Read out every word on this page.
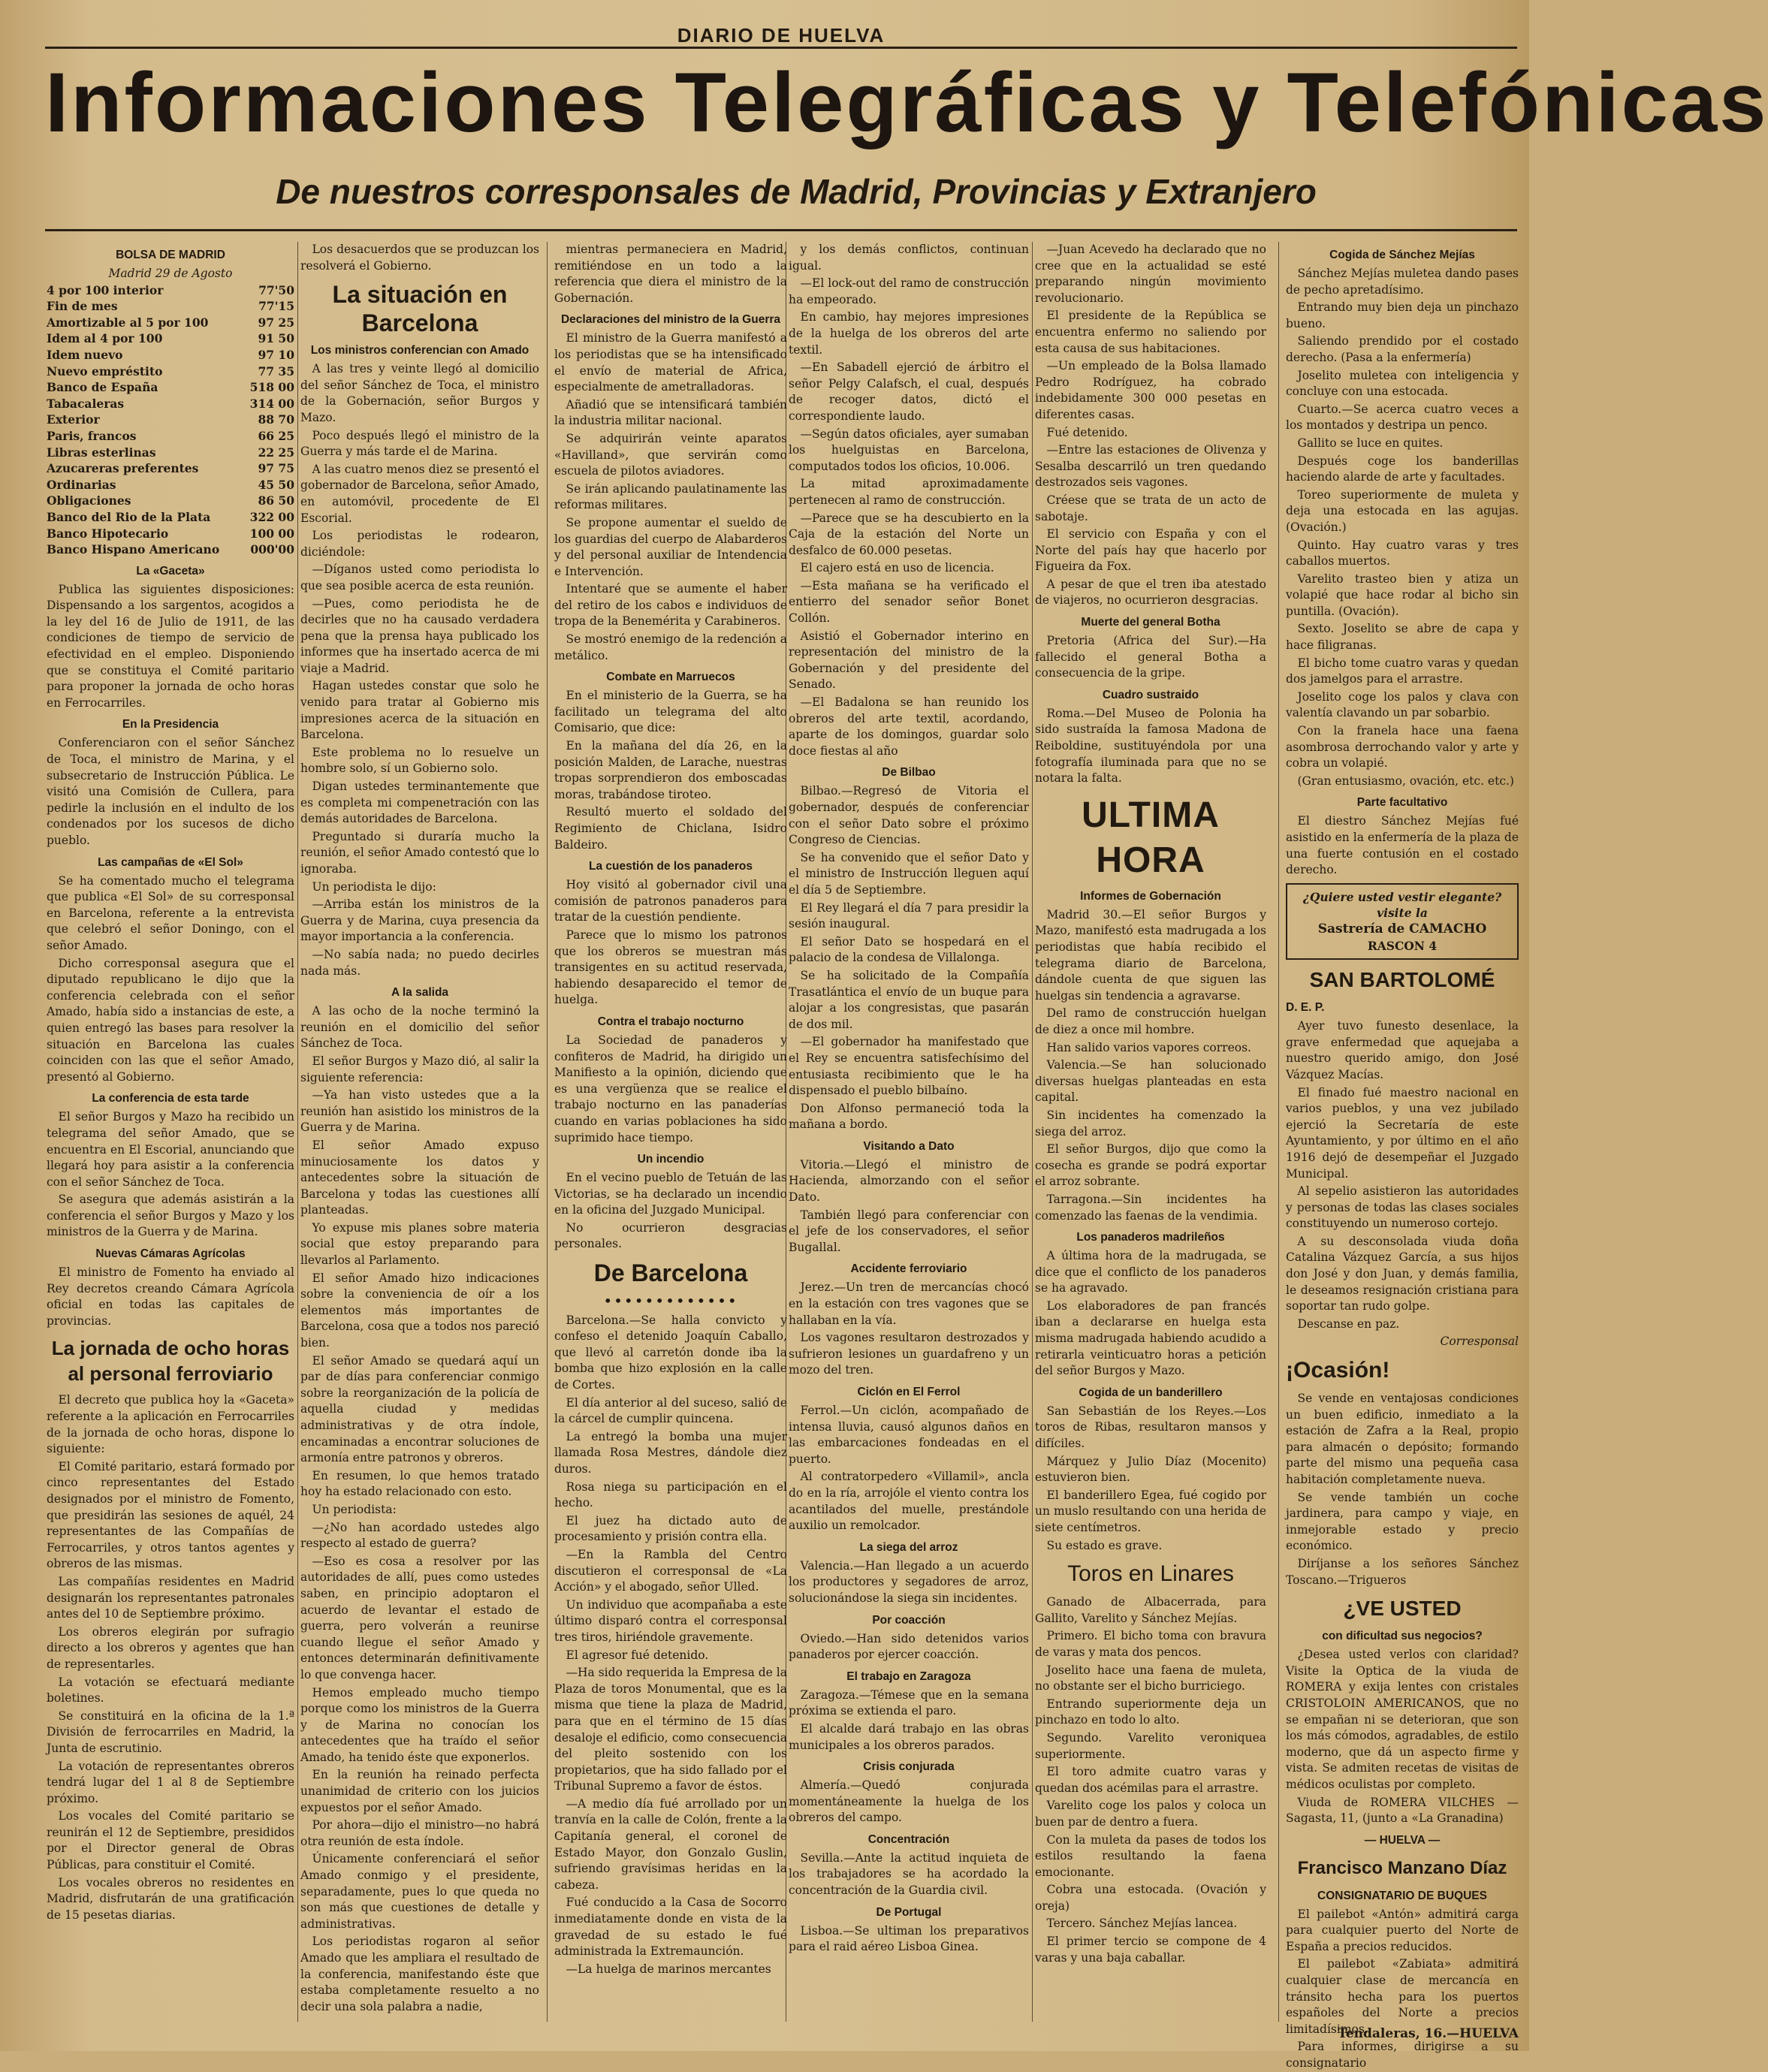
DIARIO DE HUELVA
Informaciones Telegráficas y Telefónicas
De nuestros corresponsales de Madrid, Provincias y Extranjero
BOLSA DE MADRID
Madrid 29 de Agosto
4 por 100 interior	77'50
Fin de mes	77'15
Amortizable al 5 por 100	97 25
Idem al 4 por 100	91 50
Idem nuevo	97 10
Nuevo empréstito	77 35
Banco de España	518 00
Tabacaleras	314 00
Exterior	88 70
Paris, francos	66 25
Libras esterlinas	22 25
Azucareras preferentes	97 75
Ordinarias	45 50
Obligaciones	86 50
Banco del Rio de la Plata	322 00
Banco Hipotecario	100 00
Banco Hispano Americano	000'00
La «Gaceta»

Publica las siguientes disposiciones: Dispensando a los sargentos, acogidos a la ley del 16 de Julio de 1911, de las condiciones de tiempo de servicio de efectividad en el empleo. Disponiendo que se constituya el Comité paritario para proponer la jornada de ocho horas en Ferrocarriles.

En la Presidencia

Conferenciaron con el señor Sánchez de Toca, el ministro de Marina, y el subsecretario de Instrucción Pública. Le visitó una Comisión de Cullera, para pedirle la inclusión en el indulto de los condenados por los sucesos de dicho pueblo.

Las campañas de «El Sol»

Se ha comentado mucho el telegrama que publica «El Sol» de su corresponsal en Barcelona, referente a la entrevista que celebró el señor Doningo, con el señor Amado.

Dicho corresponsal asegura que el diputado republicano le dijo que la conferencia celebrada con el señor Amado, había sido a instancias de este, a quien entregó las bases para resolver la situación en Barcelona las cuales coinciden con las que el señor Amado, presentó al Gobierno.

La conferencia de esta tarde

El señor Burgos y Mazo ha recibido un telegrama del señor Amado, que se encuentra en El Escorial, anunciando que llegará hoy para asistir a la conferencia con el señor Sánchez de Toca.

Se asegura que además asistirán a la conferencia el señor Burgos y Mazo y los ministros de la Guerra y de Marina.

Nuevas Cámaras Agrícolas

El ministro de Fomento ha enviado al Rey decretos creando Cámara Agrícola oficial en todas las capitales de provincias.

La jornada de ocho horas al personal ferroviario

El decreto que publica hoy la «Gaceta» referente a la aplicación en Ferrocarriles de la jornada de ocho horas, dispone lo siguiente:

El Comité paritario, estará formado por cinco representantes del Estado designados por el ministro de Fomento, que presidirán las sesiones de aquél, 24 representantes de las Compañías de Ferrocarriles, y otros tantos agentes y obreros de las mismas.

Las compañías residentes en Madrid designarán los representantes patronales antes del 10 de Septiembre próximo.

Los obreros elegirán por sufragio directo a los obreros y agentes que han de representarles.

La votación se efectuará mediante boletines.

Se constituirá en la oficina de la 1.ª División de ferrocarriles en Madrid, la Junta de escrutinio.

La votación de representantes obreros tendrá lugar del 1 al 8 de Septiembre próximo.

Los vocales del Comité paritario se reunirán el 12 de Septiembre, presididos por el Director general de Obras Públicas, para constituir el Comité.

Los vocales obreros no residentes en Madrid, disfrutarán de una gratificación de 15 pesetas diarias.

Los desacuerdos que se produzcan los resolverá el Gobierno.

La situación en Barcelona
Los ministros conferencian con Amado

A las tres y veinte llegó al domicilio del señor Sánchez de Toca, el ministro de la Gobernación, señor Burgos y Mazo.

Poco después llegó el ministro de la Guerra y más tarde el de Marina.

A las cuatro menos diez se presentó el gobernador de Barcelona, señor Amado, en automóvil, procedente de El Escorial.

Los periodistas le rodearon, diciéndole:

—Díganos usted como periodista lo que sea posible acerca de esta reunión.

—Pues, como periodista he de decirles que no ha causado verdadera pena que la prensa haya publicado los informes que ha insertado acerca de mi viaje a Madrid.

Hagan ustedes constar que solo he venido para tratar al Gobierno mis impresiones acerca de la situación en Barcelona.

Este problema no lo resuelve un hombre solo, sí un Gobierno solo.

Digan ustedes terminantemente que es completa mi compenetración con las demás autoridades de Barcelona.

Preguntado si duraría mucho la reunión, el señor Amado contestó que lo ignoraba.

Un periodista le dijo:

—Arriba están los ministros de la Guerra y de Marina, cuya presencia da mayor importancia a la conferencia.

—No sabía nada; no puedo decirles nada más.

A la salida

A las ocho de la noche terminó la reunión en el domicilio del señor Sánchez de Toca.

El señor Burgos y Mazo dió, al salir la siguiente referencia:

—Ya han visto ustedes que a la reunión han asistido los ministros de la Guerra y de Marina.

El señor Amado expuso minuciosamente los datos y antecedentes sobre la situación de Barcelona y todas las cuestiones allí planteadas.

Yo expuse mis planes sobre materia social que estoy preparando para llevarlos al Parlamento.

El señor Amado hizo indicaciones sobre la conveniencia de oír a los elementos más importantes de Barcelona, cosa que a todos nos pareció bien.

El señor Amado se quedará aquí un par de días para conferenciar conmigo sobre la reorganización de la policía de aquella ciudad y medidas administrativas y de otra índole, encaminadas a encontrar soluciones de armonía entre patronos y obreros.

En resumen, lo que hemos tratado hoy ha estado relacionado con esto.

Un periodista:

—¿No han acordado ustedes algo respecto al estado de guerra?

—Eso es cosa a resolver por las autoridades de allí, pues como ustedes saben, en principio adoptaron el acuerdo de levantar el estado de guerra, pero volverán a reunirse cuando llegue el señor Amado y entonces determinarán definitivamente lo que convenga hacer.

Hemos empleado mucho tiempo porque como los ministros de la Guerra y de Marina no conocían los antecedentes que ha traído el señor Amado, ha tenido éste que exponerlos.

En la reunión ha reinado perfecta unanimidad de criterio con los juicios expuestos por el señor Amado.

Por ahora—dijo el ministro—no habrá otra reunión de esta índole.

Únicamente conferenciará el señor Amado conmigo y el presidente, separadamente, pues lo que queda no son más que cuestiones de detalle y administrativas.

Los periodistas rogaron al señor Amado que les ampliara el resultado de la conferencia, manifestando éste que estaba completamente resuelto a no decir una sola palabra a nadie,

mientras permaneciera en Madrid, remitiéndose en un todo a la referencia que diera el ministro de la Gobernación.

Declaraciones del ministro de la Guerra

El ministro de la Guerra manifestó a los periodistas que se ha intensificado el envío de material de Africa, especialmente de ametralladoras.

Añadió que se intensificará también la industria militar nacional.

Se adquirirán veinte aparatos «Havilland», que servirán como escuela de pilotos aviadores.

Se irán aplicando paulatinamente las reformas militares.

Se propone aumentar el sueldo de los guardias del cuerpo de Alabarderos y del personal auxiliar de Intendencia e Intervención.

Intentaré que se aumente el haber del retiro de los cabos e individuos de tropa de la Benemérita y Carabineros.

Se mostró enemigo de la redención a metálico.

Combate en Marruecos

En el ministerio de la Guerra, se ha facilitado un telegrama del alto Comisario, que dice:

En la mañana del día 26, en la posición Malden, de Larache, nuestras tropas sorprendieron dos emboscadas moras, trabándose tiroteo.

Resultó muerto el soldado del Regimiento de Chiclana, Isidro Baldeiro.

La cuestión de los panaderos

Hoy visitó al gobernador civil una comisión de patronos panaderos para tratar de la cuestión pendiente.

Parece que lo mismo los patronos que los obreros se muestran más transigentes en su actitud reservada, habiendo desaparecido el temor de huelga.

Contra el trabajo nocturno

La Sociedad de panaderos y confiteros de Madrid, ha dirigido un Manifiesto a la opinión, diciendo que es una vergüenza que se realice el trabajo nocturno en las panaderías cuando en varias poblaciones ha sido suprimido hace tiempo.

Un incendio

En el vecino pueblo de Tetuán de las Victorias, se ha declarado un incendio en la oficina del Juzgado Municipal.

No ocurrieron desgracias personales.

De Barcelona
•••••••••••••

Barcelona.—Se halla convicto y confeso el detenido Joaquín Caballo, que llevó al carretón donde iba la bomba que hizo explosión en la calle de Cortes.

El día anterior al del suceso, salió de la cárcel de cumplir quincena.

La entregó la bomba una mujer llamada Rosa Mestres, dándole diez duros.

Rosa niega su participación en el hecho.

El juez ha dictado auto de procesamiento y prisión contra ella.

—En la Rambla del Centro discutieron el corresponsal de «La Acción» y el abogado, señor Ulled.

Un individuo que acompañaba a este último disparó contra el corresponsal tres tiros, hiriéndole gravemente.

El agresor fué detenido.

—Ha sido requerida la Empresa de la Plaza de toros Monumental, que es la misma que tiene la plaza de Madrid, para que en el término de 15 días desaloje el edificio, como consecuencia del pleito sostenido con los propietarios, que ha sido fallado por el Tribunal Supremo a favor de éstos.

—A medio día fué arrollado por un tranvía en la calle de Colón, frente a la Capitanía general, el coronel de Estado Mayor, don Gonzalo Guslin, sufriendo gravísimas heridas en la cabeza.

Fué conducido a la Casa de Socorro inmediatamente donde en vista de la gravedad de su estado le fué administrada la Extremaunción.

—La huelga de marinos mercantes

y los demás conflictos, continuan igual.

—El lock-out del ramo de construcción ha empeorado.

En cambio, hay mejores impresiones de la huelga de los obreros del arte textil.

—En Sabadell ejerció de árbitro el señor Pelgy Calafsch, el cual, después de recoger datos, dictó el correspondiente laudo.

—Según datos oficiales, ayer sumaban los huelguistas en Barcelona, computados todos los oficios, 10.006.

La mitad aproximadamente pertenecen al ramo de construcción.

—Parece que se ha descubierto en la Caja de la estación del Norte un desfalco de 60.000 pesetas.

El cajero está en uso de licencia.

—Esta mañana se ha verificado el entierro del senador señor Bonet Collón.

Asistió el Gobernador interino en representación del ministro de la Gobernación y del presidente del Senado.

—El Badalona se han reunido los obreros del arte textil, acordando, aparte de los domingos, guardar solo doce fiestas al año

De Bilbao

Bilbao.—Regresó de Vitoria el gobernador, después de conferenciar con el señor Dato sobre el próximo Congreso de Ciencias.

Se ha convenido que el señor Dato y el ministro de Instrucción lleguen aquí el día 5 de Septiembre.

El Rey llegará el día 7 para presidir la sesión inaugural.

El señor Dato se hospedará en el palacio de la condesa de Villalonga.

Se ha solicitado de la Compañía Trasatlántica el envío de un buque para alojar a los congresistas, que pasarán de dos mil.

—El gobernador ha manifestado que el Rey se encuentra satisfechísimo del entusiasta recibimiento que le ha dispensado el pueblo bilbaíno.

Don Alfonso permaneció toda la mañana a bordo.

Visitando a Dato

Vitoria.—Llegó el ministro de Hacienda, almorzando con el señor Dato.

También llegó para conferenciar con el jefe de los conservadores, el señor Bugallal.

Accidente ferroviario

Jerez.—Un tren de mercancías chocó en la estación con tres vagones que se hallaban en la vía.

Los vagones resultaron destrozados y sufrieron lesiones un guardafreno y un mozo del tren.

Ciclón en El Ferrol

Ferrol.—Un ciclón, acompañado de intensa lluvia, causó algunos daños en las embarcaciones fondeadas en el puerto.

Al contratorpedero «Villamil», ancla do en la ría, arrojóle el viento contra los acantilados del muelle, prestándole auxilio un remolcador.

La siega del arroz

Valencia.—Han llegado a un acuerdo los productores y segadores de arroz, solucionándose la siega sin incidentes.

Por coacción

Oviedo.—Han sido detenidos varios panaderos por ejercer coacción.

El trabajo en Zaragoza

Zaragoza.—Témese que en la semana próxima se extienda el paro.

El alcalde dará trabajo en las obras municipales a los obreros parados.

Crisis conjurada

Almería.—Quedó conjurada momentáneamente la huelga de los obreros del campo.

Concentración

Sevilla.—Ante la actitud inquieta de los trabajadores se ha acordado la concentración de la Guardia civil.

De Portugal

Lisboa.—Se ultiman los preparativos para el raid aéreo Lisboa Ginea.

—Juan Acevedo ha declarado que no cree que en la actualidad se esté preparando ningún movimiento revolucionario.

El presidente de la República se encuentra enfermo no saliendo por esta causa de sus habitaciones.

—Un empleado de la Bolsa llamado Pedro Rodríguez, ha cobrado indebidamente 300 000 pesetas en diferentes casas.

Fué detenido.

—Entre las estaciones de Olivenza y Sesalba descarriló un tren quedando destrozados seis vagones.

Créese que se trata de un acto de sabotaje.

El servicio con España y con el Norte del país hay que hacerlo por Figueira da Fox.

A pesar de que el tren iba atestado de viajeros, no ocurrieron desgracias.

Muerte del general Botha

Pretoria (Africa del Sur).—Ha fallecido el general Botha a consecuencia de la gripe.

Cuadro sustraido

Roma.—Del Museo de Polonia ha sido sustraída la famosa Madona de Reiboldine, sustituyéndola por una fotografía iluminada para que no se notara la falta.

ULTIMA HORA
Informes de Gobernación

Madrid 30.—El señor Burgos y Mazo, manifestó esta madrugada a los periodistas que había recibido el telegrama diario de Barcelona, dándole cuenta de que siguen las huelgas sin tendencia a agravarse.

Del ramo de construcción huelgan de diez a once mil hombre.

Han salido varios vapores correos.

Valencia.—Se han solucionado diversas huelgas planteadas en esta capital.

Sin incidentes ha comenzado la siega del arroz.

El señor Burgos, dijo que como la cosecha es grande se podrá exportar el arroz sobrante.

Tarragona.—Sin incidentes ha comenzado las faenas de la vendimia.

Los panaderos madrileños

A última hora de la madrugada, se dice que el conflicto de los panaderos se ha agravado.

Los elaboradores de pan francés iban a declararse en huelga esta misma madrugada habiendo acudido a retirarla veinticuatro horas a petición del señor Burgos y Mazo.

Cogida de un banderillero

San Sebastián de los Reyes.—Los toros de Ribas, resultaron mansos y difíciles.

Márquez y Julio Díaz (Mocenito) estuvieron bien.

El banderillero Egea, fué cogido por un muslo resultando con una herida de siete centímetros.

Su estado es grave.

Toros en Linares

Ganado de Albacerrada, para Gallito, Varelito y Sánchez Mejías.

Primero. El bicho toma con bravura de varas y mata dos pencos.

Joselito hace una faena de muleta, no obstante ser el bicho burriciego.

Entrando superiormente deja un pinchazo en todo lo alto.

Segundo. Varelito veroniquea superiormente.

El toro admite cuatro varas y quedan dos acémilas para el arrastre.

Varelito coge los palos y coloca un buen par de dentro a fuera.

Con la muleta da pases de todos los estilos resultando la faena emocionante.

Cobra una estocada. (Ovación y oreja)

Tercero. Sánchez Mejías lancea.

El primer tercio se compone de 4 varas y una baja caballar.

Cogida de Sánchez Mejías

Sánchez Mejías muletea dando pases de pecho apretadísimo.

Entrando muy bien deja un pinchazo bueno.

Saliendo prendido por el costado derecho. (Pasa a la enfermería)

Joselito muletea con inteligencia y concluye con una estocada.

Cuarto.—Se acerca cuatro veces a los montados y destripa un penco.

Gallito se luce en quites.

Después coge los banderillas haciendo alarde de arte y facultades.

Toreo superiormente de muleta y deja una estocada en las agujas. (Ovación.)

Quinto. Hay cuatro varas y tres caballos muertos.

Varelito trasteo bien y atiza un volapié que hace rodar al bicho sin puntilla. (Ovación).

Sexto. Joselito se abre de capa y hace filigranas.

El bicho tome cuatro varas y quedan dos jamelgos para el arrastre.

Joselito coge los palos y clava con valentía clavando un par sobarbio.

Con la franela hace una faena asombrosa derrochando valor y arte y cobra un volapié.

(Gran entusiasmo, ovación, etc. etc.)

Parte facultativo

El diestro Sánchez Mejías fué asistido en la enfermería de la plaza de una fuerte contusión en el costado derecho.

¿Quiere usted vestir elegante? visite la
Sastrería de CAMACHO
RASCON 4
SAN BARTOLOMÉ
D. E. P.

Ayer tuvo funesto desenlace, la grave enfermedad que aquejaba a nuestro querido amigo, don José Vázquez Macías.

El finado fué maestro nacional en varios pueblos, y una vez jubilado ejerció la Secretaría de este Ayuntamiento, y por último en el año 1916 dejó de desempeñar el Juzgado Municipal.

Al sepelio asistieron las autoridades y personas de todas las clases sociales constituyendo un numeroso cortejo.

A su desconsolada viuda doña Catalina Vázquez García, a sus hijos don José y don Juan, y demás familia, le deseamos resignación cristiana para soportar tan rudo golpe.

Descanse en paz.

Corresponsal

¡Ocasión!

Se vende en ventajosas condiciones un buen edificio, inmediato a la estación de Zafra a la Real, propio para almacén o depósito; formando parte del mismo una pequeña casa habitación completamente nueva.

Se vende también un coche jardinera, para campo y viaje, en inmejorable estado y precio económico.

Diríjanse a los señores Sánchez Toscano.—Trigueros

¿VE USTED
con dificultad sus negocios?

¿Desea usted verlos con claridad? Visite la Optica de la viuda de ROMERA y exija lentes con cristales CRISTOLOIN AMERICANOS, que no se empañan ni se deterioran, que son los más cómodos, agradables, de estilo moderno, que dá un aspecto firme y vista. Se admiten recetas de visitas de médicos oculistas por completo.

Viuda de ROMERA VILCHES — Sagasta, 11, (junto a «La Granadina)

— HUELVA —
Francisco Manzano Díaz
CONSIGNATARIO DE BUQUES

El pailebot «Antón» admitirá carga para cualquier puerto del Norte de España a precios reducidos.

El pailebot «Zabiata» admitirá cualquier clase de mercancía en tránsito hecha para los puertos españoles del Norte a precios limitadísimos.

Para informes, dirigirse a su consignatario

Tendaleras, 16.—HUELVA
